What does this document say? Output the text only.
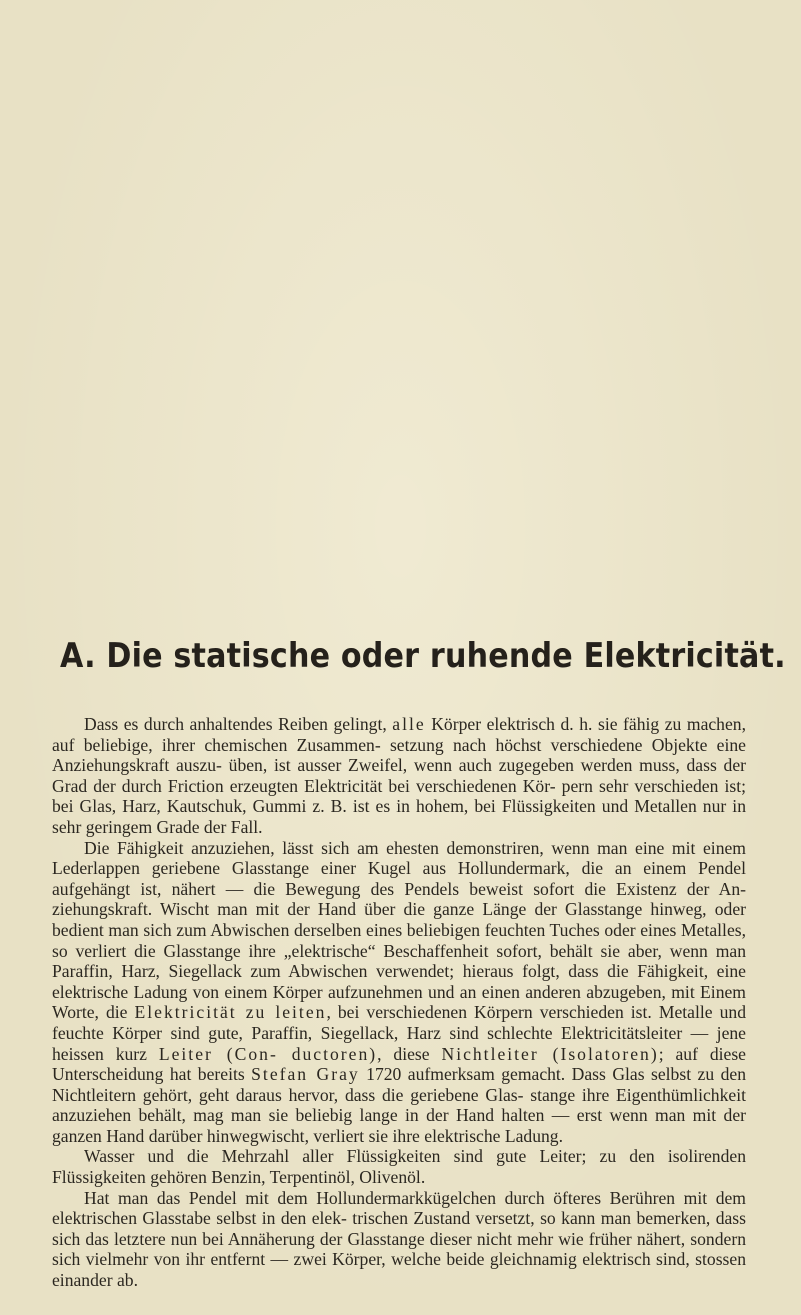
A. Die statische oder ruhende Elektricität.

Dass es durch anhaltendes Reiben gelingt, alle Körper elektrisch d. h. sie fähig zu machen, auf beliebige, ihrer chemischen Zusammen- setzung nach höchst verschiedene Objekte eine Anziehungskraft auszu- üben, ist ausser Zweifel, wenn auch zugegeben werden muss, dass der Grad der durch Friction erzeugten Elektricität bei verschiedenen Kör- pern sehr verschieden ist; bei Glas, Harz, Kautschuk, Gummi z. B. ist es in hohem, bei Flüssigkeiten und Metallen nur in sehr geringem Grade der Fall.

Die Fähigkeit anzuziehen, lässt sich am ehesten demonstriren, wenn man eine mit einem Lederlappen geriebene Glasstange einer Kugel aus Hollundermark, die an einem Pendel aufgehängt ist, nähert — die Bewegung des Pendels beweist sofort die Existenz der An- ziehungskraft. Wischt man mit der Hand über die ganze Länge der Glasstange hinweg, oder bedient man sich zum Abwischen derselben eines beliebigen feuchten Tuches oder eines Metalles, so verliert die Glasstange ihre „elektrische“ Beschaffenheit sofort, behält sie aber, wenn man Paraffin, Harz, Siegellack zum Abwischen verwendet; hieraus folgt, dass die Fähigkeit, eine elektrische Ladung von einem Körper aufzunehmen und an einen anderen abzugeben, mit Einem Worte, die Elektricität zu leiten, bei verschiedenen Körpern verschieden ist. Metalle und feuchte Körper sind gute, Paraffin, Siegellack, Harz sind schlechte Elektricitätsleiter — jene heissen kurz Leiter (Con- ductoren), diese Nichtleiter (Isolatoren); auf diese Unterscheidung hat bereits Stefan Gray 1720 aufmerksam gemacht. Dass Glas selbst zu den Nichtleitern gehört, geht daraus hervor, dass die geriebene Glas- stange ihre Eigenthümlichkeit anzuziehen behält, mag man sie beliebig lange in der Hand halten — erst wenn man mit der ganzen Hand darüber hinwegwischt, verliert sie ihre elektrische Ladung.

Wasser und die Mehrzahl aller Flüssigkeiten sind gute Leiter; zu den isolirenden Flüssigkeiten gehören Benzin, Terpentinöl, Olivenöl.

Hat man das Pendel mit dem Hollundermarkkügelchen durch öfteres Berühren mit dem elektrischen Glasstabe selbst in den elek- trischen Zustand versetzt, so kann man bemerken, dass sich das letztere nun bei Annäherung der Glasstange dieser nicht mehr wie früher nähert, sondern sich vielmehr von ihr entfernt — zwei Körper, welche beide gleichnamig elektrisch sind, stossen einander ab.
